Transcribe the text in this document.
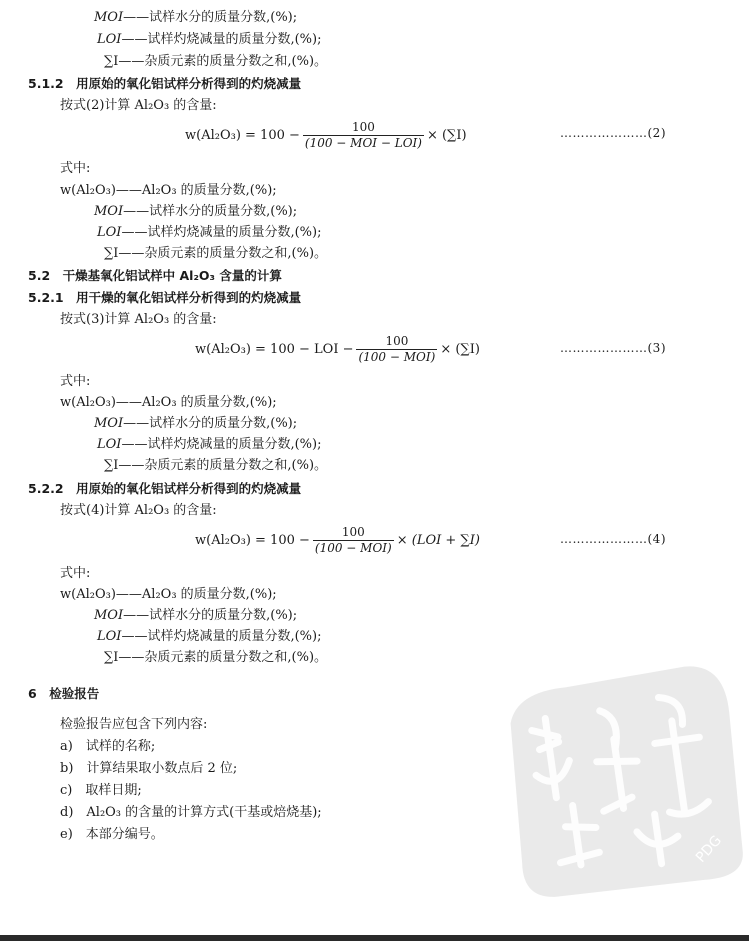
MOI——试样水分的质量分数,(%);
LOI——试样灼烧减量的质量分数,(%);
∑I——杂质元素的质量分数之和,(%)。
5.1.2　用原始的氧化铝试样分析得到的灼烧减量
按式(2)计算 Al₂O₃ 的含量:
$w(Al_2O_3) = 100 - \frac{100}{\text{(100 − MOI − LOI)}} \times (\sum I)$	…………………(2)
式中:
w(Al₂O₃)——Al₂O₃ 的质量分数,(%);
MOI——试样水分的质量分数,(%);
LOI——试样灼烧减量的质量分数,(%);
∑I——杂质元素的质量分数之和,(%)。
5.2　干燥基氧化铝试样中 Al₂O₃ 含量的计算
5.2.1　用干燥的氧化铝试样分析得到的灼烧减量
按式(3)计算 Al₂O₃ 的含量:
w(Al₂O₃) = 100 − LOI − $\frac{100}{\text{(100 − MOI)}} \times (\sum I)$	…………………(3)
式中:
w(Al₂O₃)——Al₂O₃ 的质量分数,(%);
MOI——试样水分的质量分数,(%);
LOI——试样灼烧减量的质量分数,(%);
∑I——杂质元素的质量分数之和,(%)。
5.2.2　用原始的氧化铝试样分析得到的灼烧减量
按式(4)计算 Al₂O₃ 的含量:
$w(Al_2O_3) = 100 - \frac{100}{\text{(100 − MOI)}} \times (LOI + \sum I)$	…………………(4)
式中:
w(Al₂O₃)——Al₂O₃ 的质量分数,(%);
MOI——试样水分的质量分数,(%);
LOI——试样灼烧减量的质量分数,(%);
∑I——杂质元素的质量分数之和,(%)。
6　检验报告
检验报告应包含下列内容:
a)　试样的名称;
b)　计算结果取小数点后 2 位;
c)　取样日期;
d)　Al₂O₃ 的含量的计算方式(干基或焙烧基);
e)　本部分编号。	PDG
